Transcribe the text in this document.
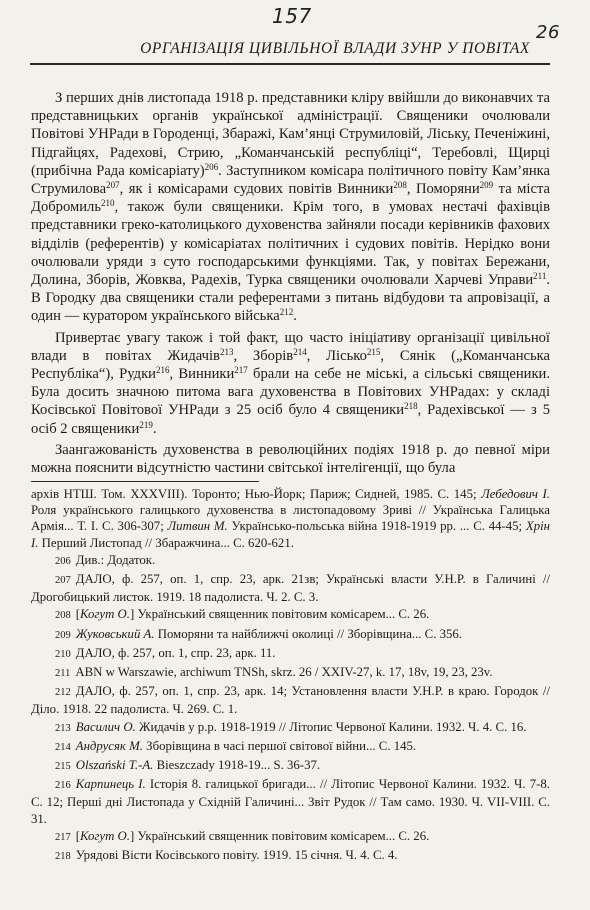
157
26
ОРГАНІЗАЦІЯ ЦИВІЛЬНОЇ ВЛАДИ ЗУНР У ПОВІТАХ

З перших днів листопада 1918 р. представники кліру ввійшли до виконавчих та представницьких органів української адміністрації. Священики очолювали Повітові УНРади в Городенці, Збаражі, Кам’янці Струмиловій, Ліську, Печеніжині, Підгайцях, Радехові, Стрию, „Команчанській республіці“, Теребовлі, Щирці (прибічна Рада комісаріату)$^{206}$. Заступником комісара політичного повіту Кам’янка Струмилова$^{207}$, як і комісарами судових повітів Винники$^{208}$, Поморяни$^{209}$ та міста Добромиль$^{210}$, також були священики. Крім того, в умовах нестачі фахівців представники греко-католицького духовенства зайняли посади керівників фахових відділів (референтів) у комісаріатах політичних і судових повітів. Нерідко вони очолювали уряди з суто господарськими функціями. Так, у повітах Бережани, Долина, Зборів, Жовква, Радехів, Турка священики очолювали Харчеві Управи$^{211}$. В Городку два священики стали референтами з питань відбудови та апровізації, а один — куратором українського війська$^{212}$.

Привертає увагу також і той факт, що часто ініціативу організації цивільної влади в повітах Жидачів$^{213}$, Зборів$^{214}$, Лісько$^{215}$, Сянік („Команчанська Республіка“), Рудки$^{216}$, Винники$^{217}$ брали на себе не міські, а сільські священики. Була досить значною питома вага духовенства в Повітових УНРадах: у складі Косівської Повітової УНРади з 25 осіб було 4 священики$^{218}$, Радехівської — з 5 осіб 2 священики$^{219}$.

Заангажованість духовенства в революційних подіях 1918 р. до певної міри можна пояснити відсутністю частини світської інтелігенції, що була

архів НТШ. Том. XXXVIII). Торонто; Нью-Йорк; Париж; Сидней, 1985. С. 145; Лебедович І. Роля українського галицького духовенства в листопадовому Зриві // Українська Галицька Армія... Т. І. С. 306-307; Литвин М. Українсько-польська війна 1918-1919 рр. ... С. 44-45; Хрін І. Перший Листопад // Збаражчина... С. 620-621.

206 Див.: Додаток.

207 ДАЛО, ф. 257, оп. 1, спр. 23, арк. 21зв; Українські власти У.Н.Р. в Галичині // Дрогобицький листок. 1919. 18 падолиста. Ч. 2. С. 3.

208 [Когут О.] Український священник повітовим комісарем... С. 26.

209 Жуковський А. Поморяни та найближчі околиці // Зборівщина... С. 356.

210 ДАЛО, ф. 257, оп. 1, спр. 23, арк. 11.

211 ABN w Warszawie, archiwum TNSh, skrz. 26 / XXIV-27, k. 17, 18v, 19, 23, 23v.

212 ДАЛО, ф. 257, оп. 1, спр. 23, арк. 14; Установлення власти У.Н.Р. в краю. Городок // Діло. 1918. 22 падолиста. Ч. 269. С. 1.

213 Василич О. Жидачів у р.р. 1918-1919 // Літопис Червоної Калини. 1932. Ч. 4. С. 16.

214 Андрусяк М. Зборівщина в часі першої світової війни... С. 145.

215 Olszański T.-A. Bieszczady 1918-19... S. 36-37.

216 Карпинець І. Історія 8. галицької бригади... // Літопис Червоної Калини. 1932. Ч. 7-8. С. 12; Перші дні Листопада у Східній Галичині... Звіт Рудок // Там само. 1930. Ч. VII-VIII. С. 31.

217 [Когут О.] Український священник повітовим комісарем... С. 26.

218 Урядові Вісти Косівського повіту. 1919. 15 січня. Ч. 4. С. 4.
